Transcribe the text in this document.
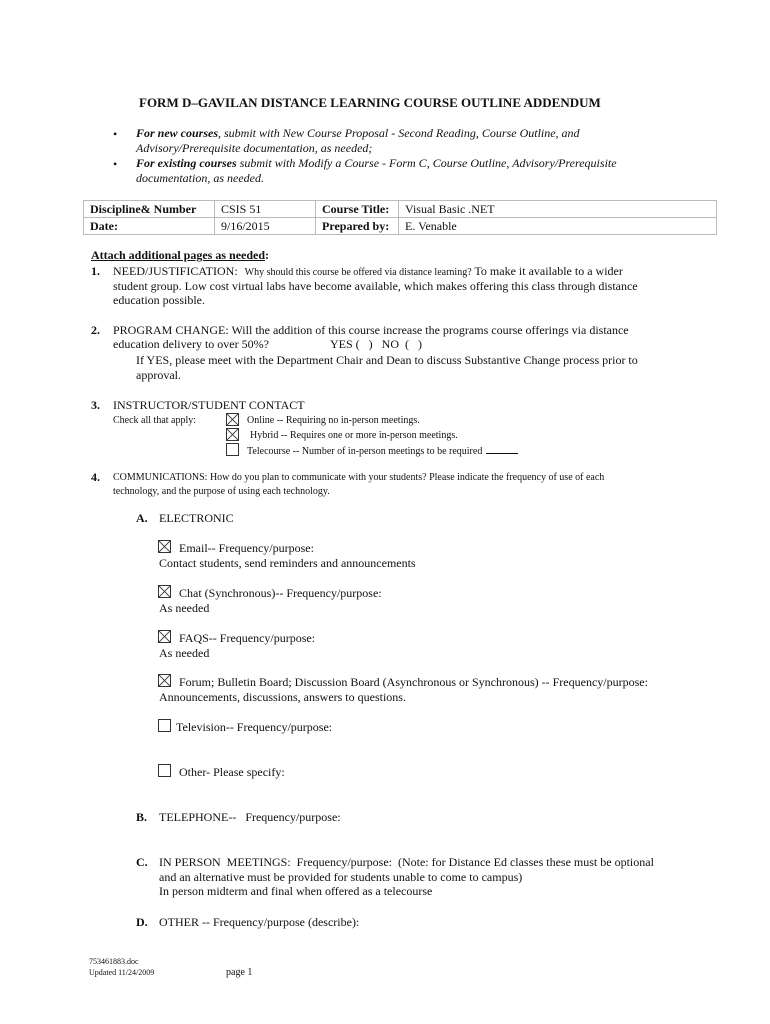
FORM D–GAVILAN DISTANCE LEARNING COURSE OUTLINE ADDENDUM
• For new courses, submit with New Course Proposal - Second Reading, Course Outline, and
Advisory/Prerequisite documentation, as needed;
• For existing courses submit with Modify a Course - Form C, Course Outline, Advisory/Prerequisite
documentation, as needed.
Discipline& Number	CSIS 51	Course Title:	Visual Basic .NET
Date:	9/16/2015	Prepared by:	E. Venable
Attach additional pages as needed:
1. NEED/JUSTIFICATION: Why should this course be offered via distance learning? To make it available to a wider
student group. Low cost virtual labs have become available, which makes offering this class through distance
education possible.
2. PROGRAM CHANGE: Will the addition of this course increase the programs course offerings via distance
education delivery to over 50%?	YES (   )   NO  (   )
If YES, please meet with the Department Chair and Dean to discuss Substantive Change process prior to
approval.
3. INSTRUCTOR/STUDENT CONTACT
Check all that apply:	Online -- Requiring no in-person meetings.
Hybrid -- Requires one or more in-person meetings.
Telecourse -- Number of in-person meetings to be required
4. COMMUNICATIONS: How do you plan to communicate with your students? Please indicate the frequency of use of each
technology, and the purpose of using each technology.
A. ELECTRONIC
Email-- Frequency/purpose:
Contact students, send reminders and announcements
Chat (Synchronous)-- Frequency/purpose:
As needed
FAQS-- Frequency/purpose:
As needed
Forum; Bulletin Board; Discussion Board (Asynchronous or Synchronous) -- Frequency/purpose:
Announcements, discussions, answers to questions.
Television-- Frequency/purpose:
Other- Please specify:
B. TELEPHONE--   Frequency/purpose:
C. IN PERSON  MEETINGS:  Frequency/purpose:  (Note: for Distance Ed classes these must be optional
and an alternative must be provided for students unable to come to campus)
In person midterm and final when offered as a telecourse
D. OTHER -- Frequency/purpose (describe):
753461883.doc
Updated 11/24/2009	page 1
